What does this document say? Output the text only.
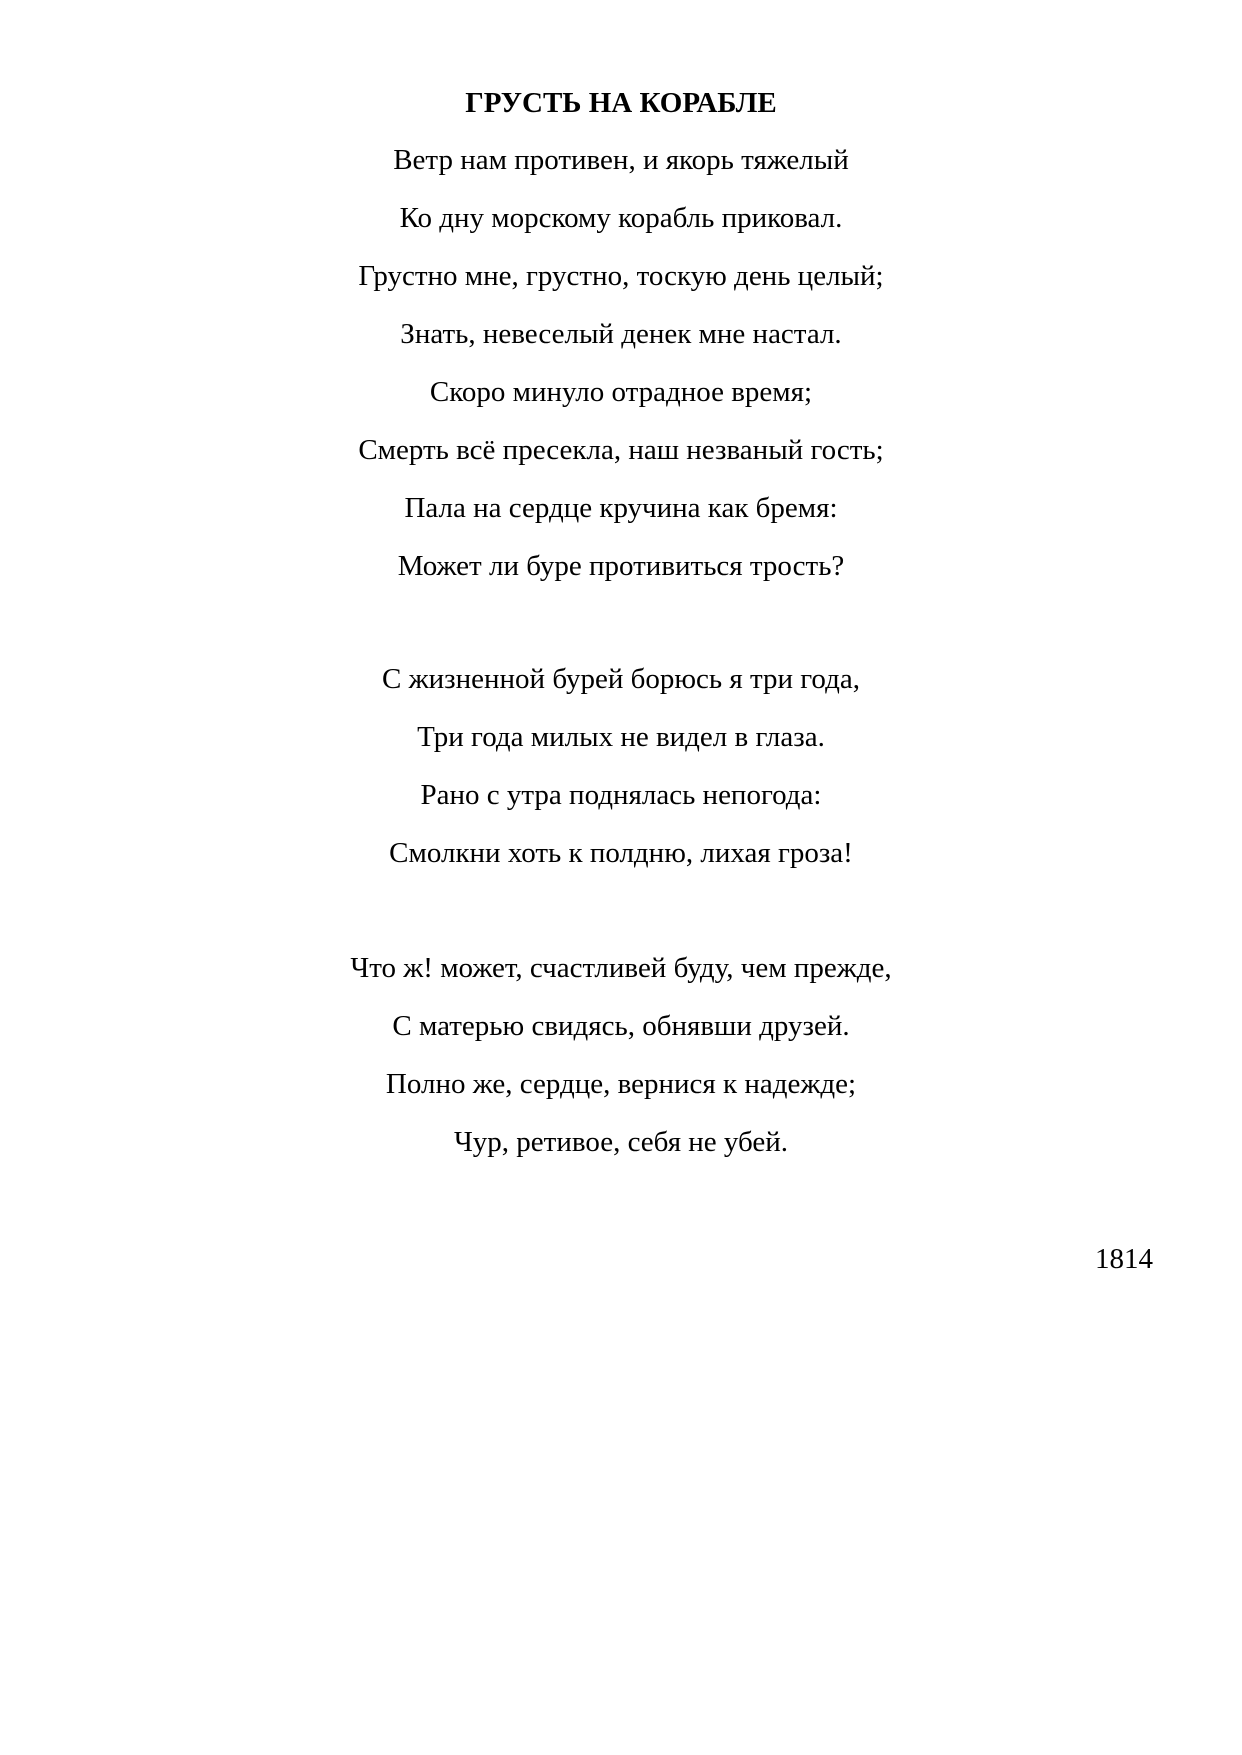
ГРУСТЬ НА КОРАБЛЕ
Ветр нам противен, и якорь тяжелый
Ко дну морскому корабль приковал.
Грустно мне, грустно, тоскую день целый;
Знать, невеселый денек мне настал.
Скоро минуло отрадное время;
Смерть всё пресекла, наш незваный гость;
Пала на сердце кручина как бремя:
Может ли буре противиться трость?
С жизненной бурей борюсь я три года,
Три года милых не видел в глаза.
Рано с утра поднялась непогода:
Смолкни хоть к полдню, лихая гроза!
Что ж! может, счастливей буду, чем прежде,
С матерью свидясь, обнявши друзей.
Полно же, сердце, вернися к надежде;
Чур, ретивое, себя не убей.
1814
